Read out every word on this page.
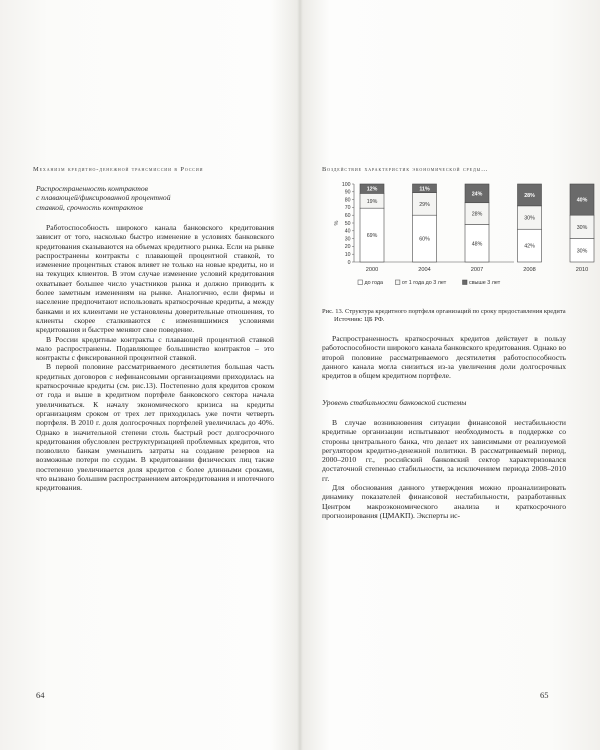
Механизм кредитно-денежной трансмиссии в России
Распространенность контрактов
с плавающей/фиксированной процентной
ставкой, срочность контрактов

Работоспособность широкого канала банковского кредитования зависит от того, насколько быстро изменение в условиях банковского кредитования сказываются на объемах кредитного рынка. Если на рынке распространены контракты с плавающей процентной ставкой, то изменение процентных ставок влияет не только на новые кредиты, но и на текущих клиентов. В этом случае изменение условий кредитования охватывает большее число участников рынка и должно приводить к более заметным изменениям на рынке. Аналогично, если фирмы и население предпочитают использовать краткосрочные кредиты, а между банками и их клиентами не установлены доверительные отношения, то клиенты скорее сталкиваются с изменившимися условиями кредитования и быстрее меняют свое поведение.

В России кредитные контракты с плавающей процентной ставкой мало распространены. Подавляющее большинство контрактов – это контракты с фиксированной процентной ставкой.

В первой половине рассматриваемого десятилетия большая часть кредитных договоров с нефинансовыми организациями приходилась на краткосрочные кредиты (см. рис.13). Постепенно доля кредитов сроком от года и выше в кредитном портфеле банковского сектора начала увеличиваться. К началу экономического кризиса на кредиты организациям сроком от трех лет приходилась уже почти четверть портфеля. В 2010 г. доля долгосрочных портфелей увеличилась до 40%. Однако в значительной степени столь быстрый рост долгосрочного кредитования обусловлен реструктуризацией проблемных кредитов, что позволило банкам уменьшить затраты на создание резервов на возможные потери по ссудам. В кредитовании физических лиц также постепенно увеличивается доля кредитов с более длинными сроками, что вызвано большим распространением автокредитования и ипотечного кредитования.

64
Воздействие характеристик экономической среды…
0
10
20
30
40
50
60
70
80
90
100
%
69%
19%
12%
2000
60%
29%
11%
2004
48%
28%
24%
2007
42%
30%
28%
2008
30%
30%
40%
2010
до года	от 1 года до 3 лет	свыше 3 лет
Рис. 13. Структура кредитного портфеля организаций по сроку предоставления кредита
Источник: ЦБ РФ.

Распространенность краткосрочных кредитов действует в пользу работоспособности широкого канала банковского кредитования. Однако во второй половине рассматриваемого десятилетия работоспособность данного канала могла снизиться из-за увеличения доли долгосрочных кредитов в общем кредитном портфеле.

Уровень стабильности банковской системы

В случае возникновения ситуации финансовой нестабильности кредитные организации испытывают необходимость в поддержке со стороны центрального банка, что делает их зависимыми от реализуемой регулятором кредитно-денежной политики. В рассматриваемый период, 2000–2010 гг., российский банковский сектор характеризовался достаточной степенью стабильности, за исключением периода 2008–2010 гг.

Для обоснования данного утверждения можно проанализировать динамику показателей финансовой нестабильности, разработанных Центром макроэкономического анализа и краткосрочного прогнозирования (ЦМАКП). Эксперты ис-

65
